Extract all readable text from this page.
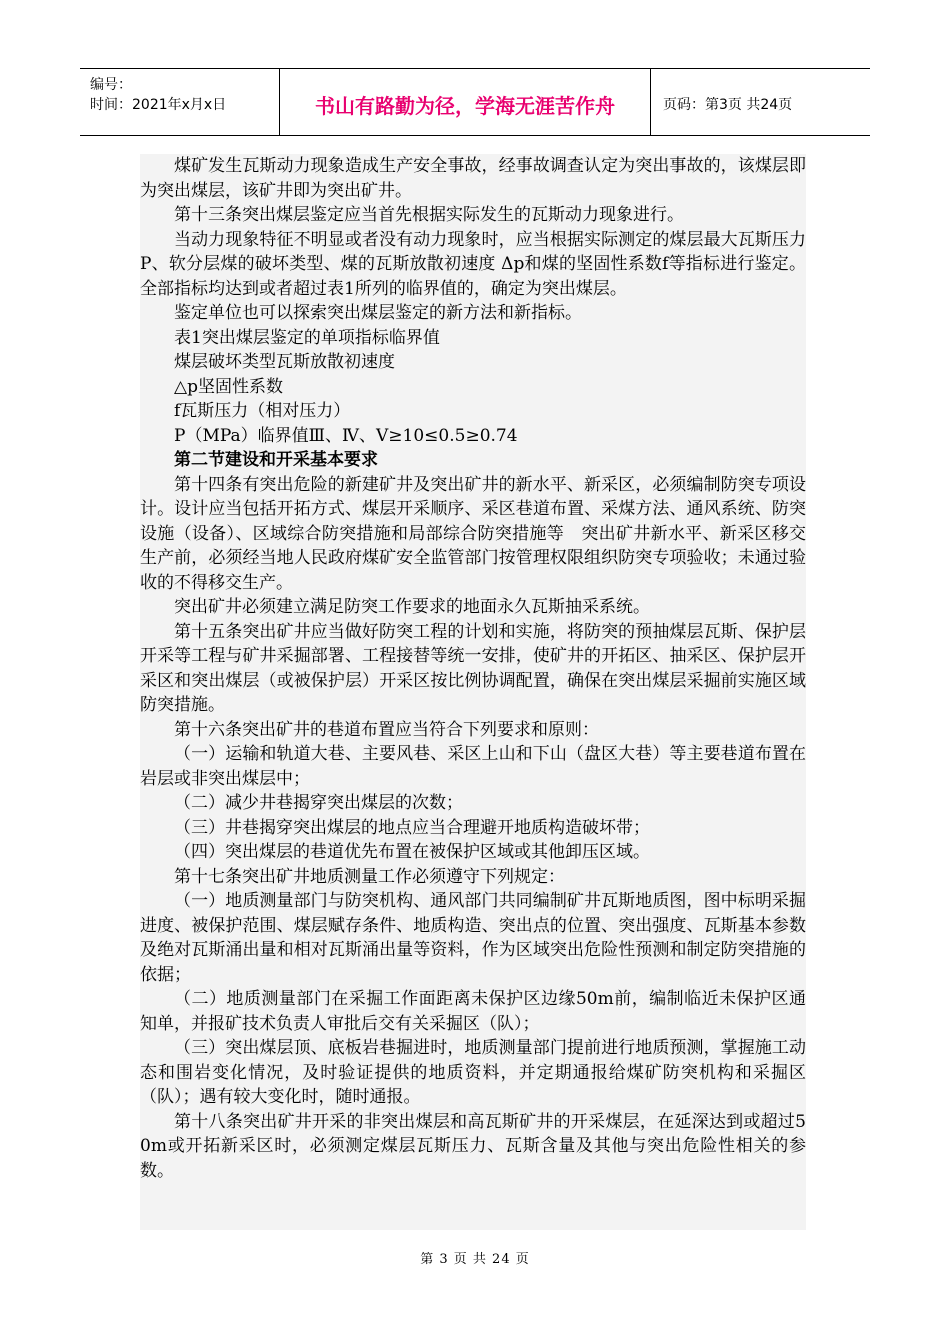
编号：
时间：2021年x月x日	书山有路勤为径，学海无涯苦作舟	页码：第3页 共24页

煤矿发生瓦斯动力现象造成生产安全事故，经事故调查认定为突出事故的，该煤层即为突出煤层，该矿井即为突出矿井。

第十三条突出煤层鉴定应当首先根据实际发生的瓦斯动力现象进行。

当动力现象特征不明显或者没有动力现象时，应当根据实际测定的煤层最大瓦斯压力P、软分层煤的破坏类型、煤的瓦斯放散初速度 Δp和煤的坚固性系数f等指标进行鉴定。全部指标均达到或者超过表1所列的临界值的，确定为突出煤层。

鉴定单位也可以探索突出煤层鉴定的新方法和新指标。

表1突出煤层鉴定的单项指标临界值

煤层破坏类型瓦斯放散初速度

△p坚固性系数

f瓦斯压力（相对压力）

P（MPa）临界值Ⅲ、Ⅳ、Ⅴ≥10≤0.5≥0.74

第二节建设和开采基本要求

第十四条有突出危险的新建矿井及突出矿井的新水平、新采区，必须编制防突专项设计。设计应当包括开拓方式、煤层开采顺序、采区巷道布置、采煤方法、通风系统、防突设施（设备）、区域综合防突措施和局部综合防突措施等　突出矿井新水平、新采区移交生产前，必须经当地人民政府煤矿安全监管部门按管理权限组织防突专项验收；未通过验收的不得移交生产。

突出矿井必须建立满足防突工作要求的地面永久瓦斯抽采系统。

第十五条突出矿井应当做好防突工程的计划和实施，将防突的预抽煤层瓦斯、保护层开采等工程与矿井采掘部署、工程接替等统一安排，使矿井的开拓区、抽采区、保护层开采区和突出煤层（或被保护层）开采区按比例协调配置，确保在突出煤层采掘前实施区域防突措施。

第十六条突出矿井的巷道布置应当符合下列要求和原则：

（一）运输和轨道大巷、主要风巷、采区上山和下山（盘区大巷）等主要巷道布置在岩层或非突出煤层中；

（二）减少井巷揭穿突出煤层的次数；

（三）井巷揭穿突出煤层的地点应当合理避开地质构造破坏带；

（四）突出煤层的巷道优先布置在被保护区域或其他卸压区域。

第十七条突出矿井地质测量工作必须遵守下列规定：

（一）地质测量部门与防突机构、通风部门共同编制矿井瓦斯地质图，图中标明采掘进度、被保护范围、煤层赋存条件、地质构造、突出点的位置、突出强度、瓦斯基本参数及绝对瓦斯涌出量和相对瓦斯涌出量等资料，作为区域突出危险性预测和制定防突措施的依据；

（二）地质测量部门在采掘工作面距离未保护区边缘50m前，编制临近未保护区通知单，并报矿技术负责人审批后交有关采掘区（队）；

（三）突出煤层顶、底板岩巷掘进时，地质测量部门提前进行地质预测，掌握施工动态和围岩变化情况，及时验证提供的地质资料，并定期通报给煤矿防突机构和采掘区（队）；遇有较大变化时，随时通报。

第十八条突出矿井开采的非突出煤层和高瓦斯矿井的开采煤层，在延深达到或超过50m或开拓新采区时，必须测定煤层瓦斯压力、瓦斯含量及其他与突出危险性相关的参数。

第 3 页 共 24 页
